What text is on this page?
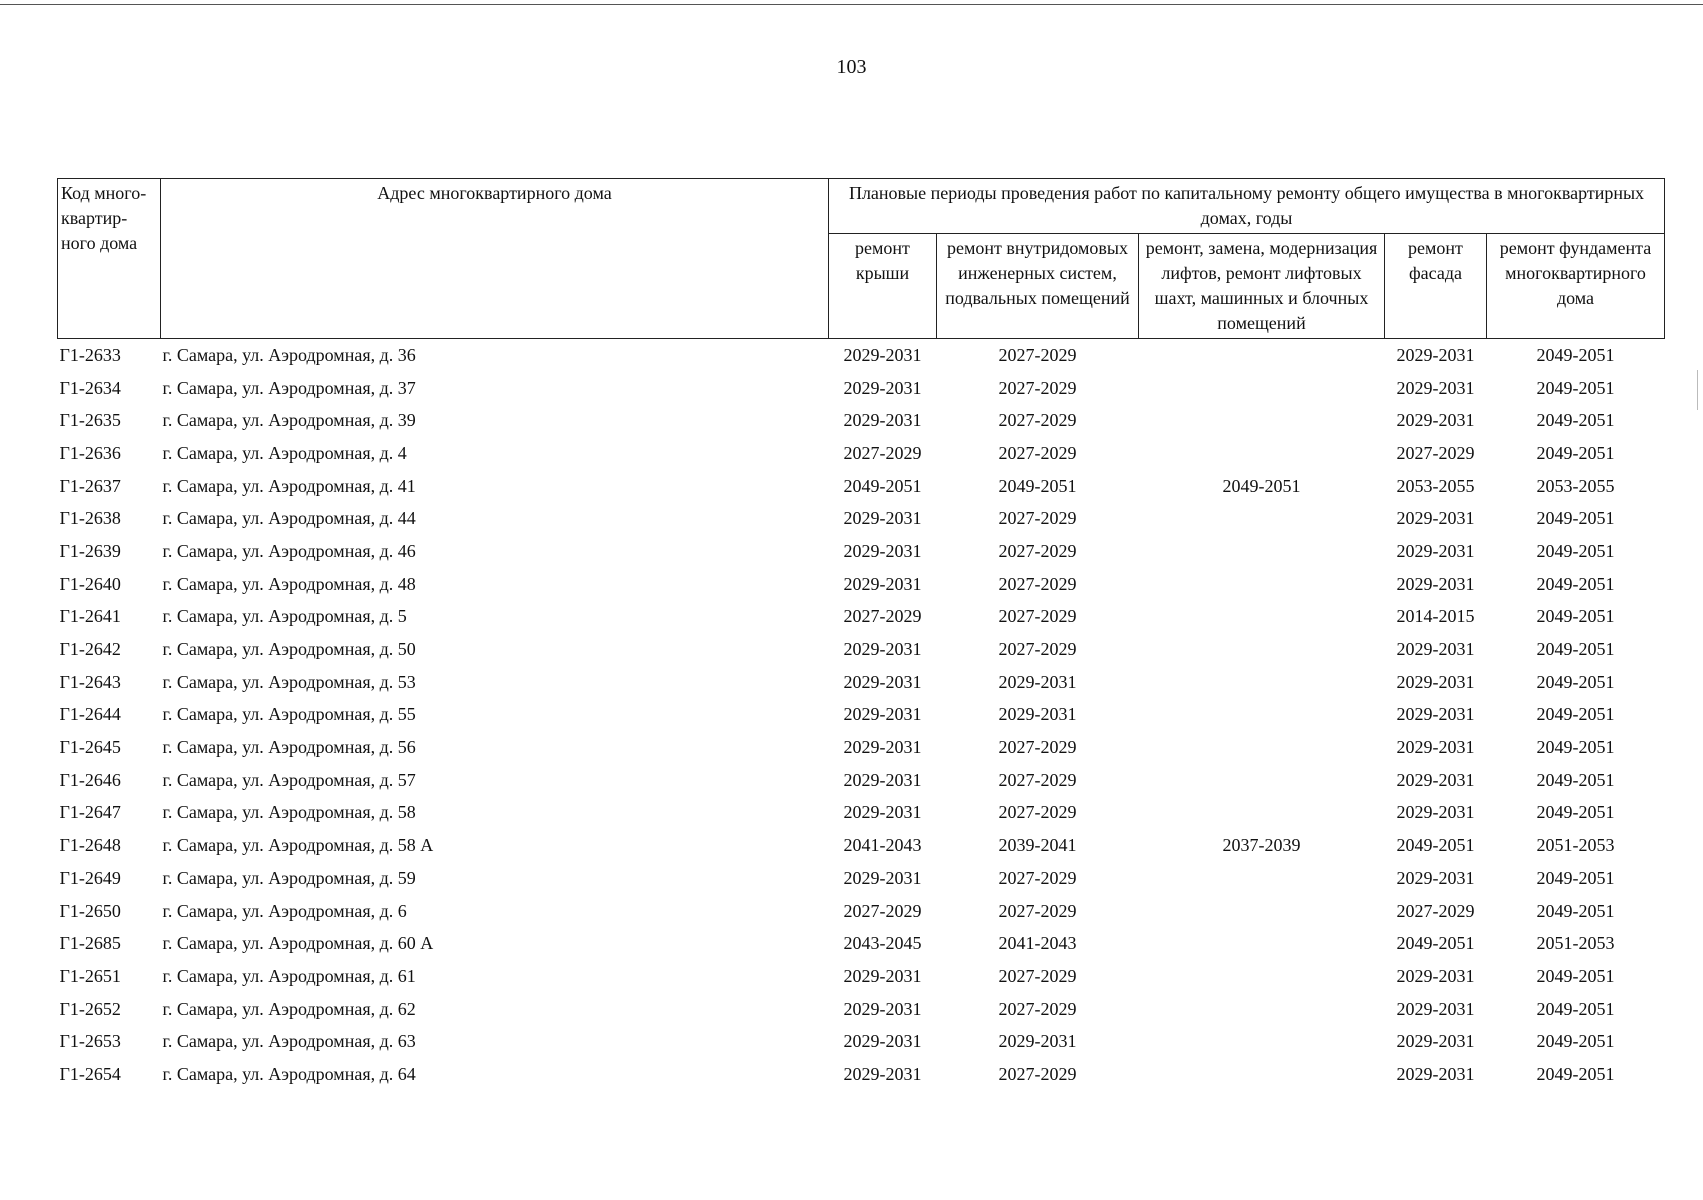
103
Код много-квартир-ного дома	Адрес многоквартирного дома	Плановые периоды проведения работ по капитальному ремонту общего имущества в многоквартирных домах, годы				
		ремонт крыши	ремонт внутридомовых инженерных систем, подвальных помещений	ремонт, замена, модернизация лифтов, ремонт лифтовых шахт, машинных и блочных помещений	ремонт фасада	ремонт фундамента многоквартирного дома
Г1-2633	г. Самара, ул. Аэродромная, д. 36	2029-2031	2027-2029		2029-2031	2049-2051
Г1-2634	г. Самара, ул. Аэродромная, д. 37	2029-2031	2027-2029		2029-2031	2049-2051
Г1-2635	г. Самара, ул. Аэродромная, д. 39	2029-2031	2027-2029		2029-2031	2049-2051
Г1-2636	г. Самара, ул. Аэродромная, д. 4	2027-2029	2027-2029		2027-2029	2049-2051
Г1-2637	г. Самара, ул. Аэродромная, д. 41	2049-2051	2049-2051	2049-2051	2053-2055	2053-2055
Г1-2638	г. Самара, ул. Аэродромная, д. 44	2029-2031	2027-2029		2029-2031	2049-2051
Г1-2639	г. Самара, ул. Аэродромная, д. 46	2029-2031	2027-2029		2029-2031	2049-2051
Г1-2640	г. Самара, ул. Аэродромная, д. 48	2029-2031	2027-2029		2029-2031	2049-2051
Г1-2641	г. Самара, ул. Аэродромная, д. 5	2027-2029	2027-2029		2014-2015	2049-2051
Г1-2642	г. Самара, ул. Аэродромная, д. 50	2029-2031	2027-2029		2029-2031	2049-2051
Г1-2643	г. Самара, ул. Аэродромная, д. 53	2029-2031	2029-2031		2029-2031	2049-2051
Г1-2644	г. Самара, ул. Аэродромная, д. 55	2029-2031	2029-2031		2029-2031	2049-2051
Г1-2645	г. Самара, ул. Аэродромная, д. 56	2029-2031	2027-2029		2029-2031	2049-2051
Г1-2646	г. Самара, ул. Аэродромная, д. 57	2029-2031	2027-2029		2029-2031	2049-2051
Г1-2647	г. Самара, ул. Аэродромная, д. 58	2029-2031	2027-2029		2029-2031	2049-2051
Г1-2648	г. Самара, ул. Аэродромная, д. 58 А	2041-2043	2039-2041	2037-2039	2049-2051	2051-2053
Г1-2649	г. Самара, ул. Аэродромная, д. 59	2029-2031	2027-2029		2029-2031	2049-2051
Г1-2650	г. Самара, ул. Аэродромная, д. 6	2027-2029	2027-2029		2027-2029	2049-2051
Г1-2685	г. Самара, ул. Аэродромная, д. 60 А	2043-2045	2041-2043		2049-2051	2051-2053
Г1-2651	г. Самара, ул. Аэродромная, д. 61	2029-2031	2027-2029		2029-2031	2049-2051
Г1-2652	г. Самара, ул. Аэродромная, д. 62	2029-2031	2027-2029		2029-2031	2049-2051
Г1-2653	г. Самара, ул. Аэродромная, д. 63	2029-2031	2029-2031		2029-2031	2049-2051
Г1-2654	г. Самара, ул. Аэродромная, д. 64	2029-2031	2027-2029		2029-2031	2049-2051
